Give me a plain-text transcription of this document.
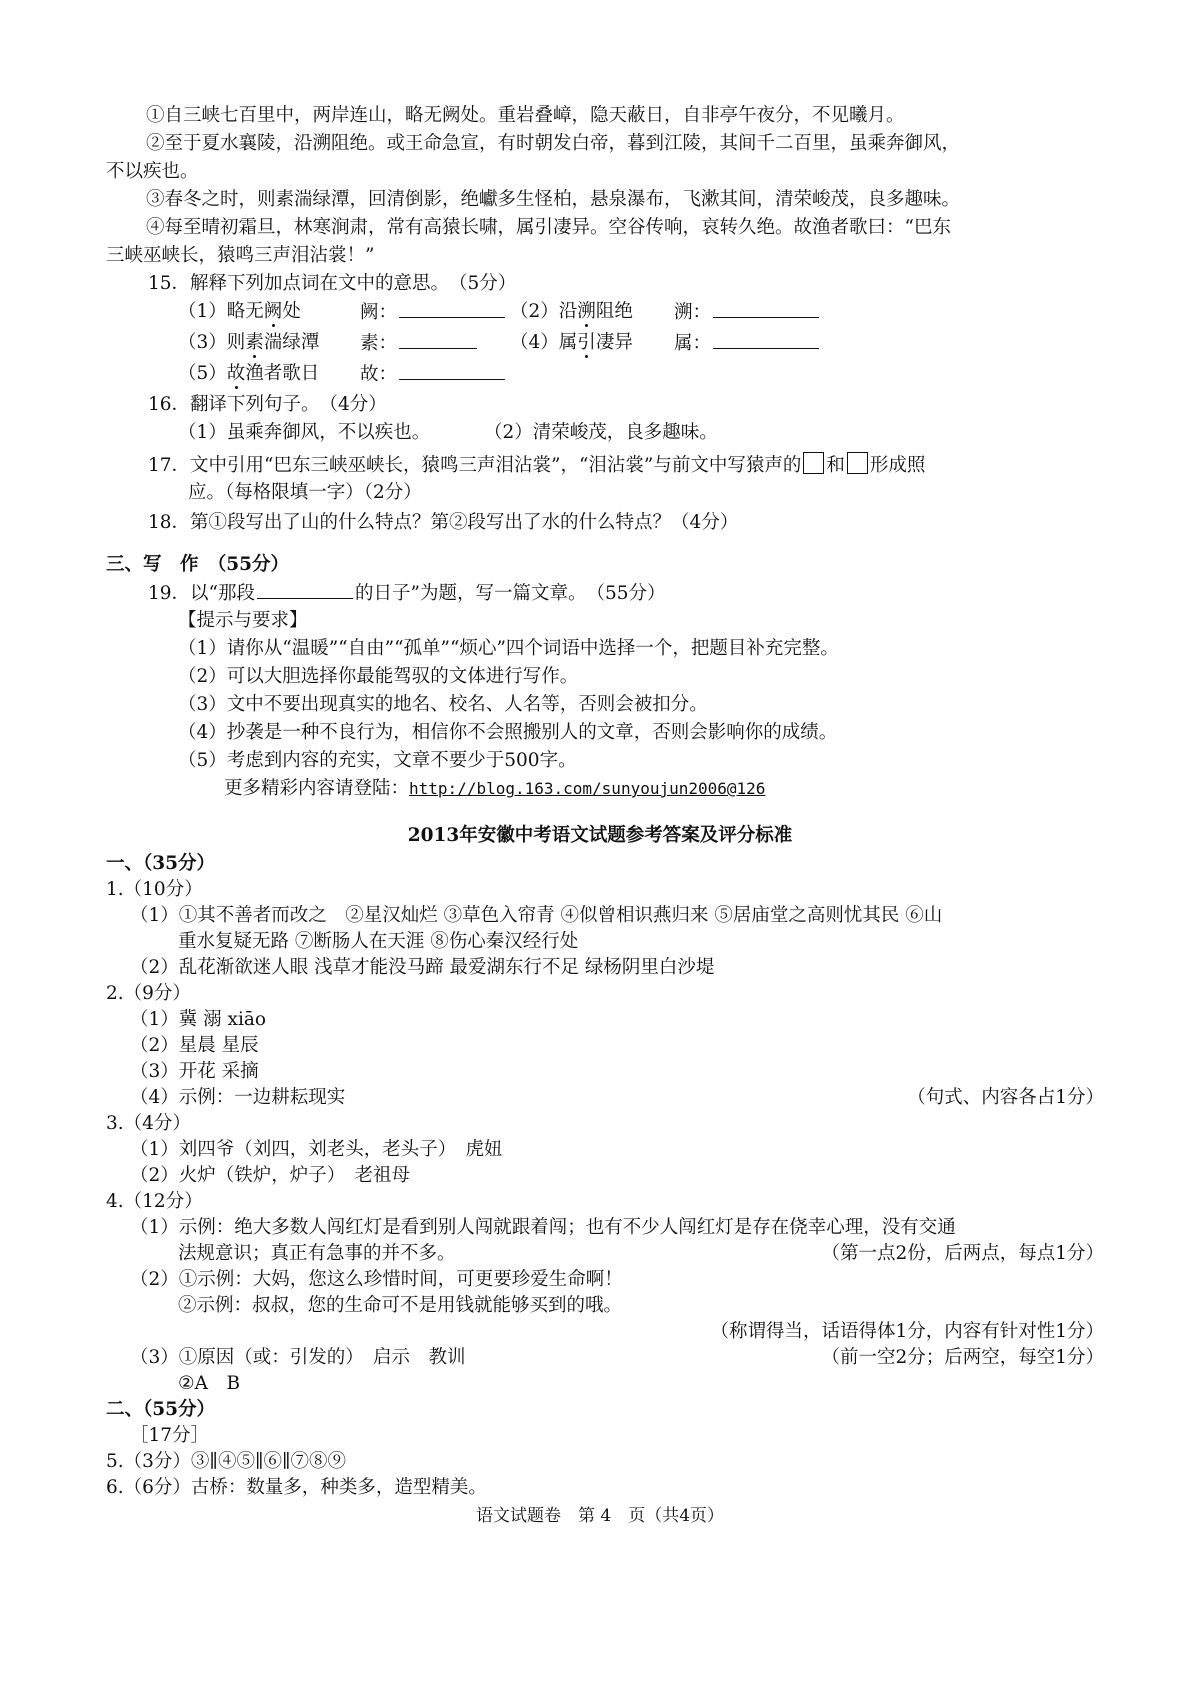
①自三峡七百里中，两岸连山，略无阙处。重岩叠嶂，隐天蔽日，自非亭午夜分，不见曦月。
②至于夏水襄陵，沿溯阻绝。或王命急宣，有时朝发白帝，暮到江陵，其间千二百里，虽乘奔御风，
不以疾也。
③春冬之时，则素湍绿潭，回清倒影，绝巘多生怪柏，悬泉瀑布，飞漱其间，清荣峻茂，良多趣味。
④每至晴初霜旦，林寒涧肃，常有高猿长啸，属引凄异。空谷传响，哀转久绝。故渔者歌曰：“巴东
三峡巫峡长，猿鸣三声泪沾裳！”
15．解释下列加点词在文中的意思。　（5分）
（1）略无阙处	阙：	（2）沿溯阻绝 溯：
（3）则素湍绿潭 素：	（4）属引凄异 属：
（5）故渔者歌日 故：
16．翻译下列句子。　（4分）
（1）虽乘奔御风，不以疾也。	（2）清荣峻茂，良多趣味。
17．文中引用“巴东三峡巫峡长，猿鸣三声泪沾裳”，“泪沾裳”与前文中写猿声的 和 形成照
应。（每格限填一字）（2分）
18．第①段写出了山的什么特点？第②段写出了水的什么特点？（4分）
三、写　作　（55分）
19．以“那段	的日子”为题，写一篇文章。　（55分）
【提示与要求】
（1）请你从“温暖”“自由”“孤单”“烦心”四个词语中选择一个，把题目补充完整。
（2）可以大胆选择你最能驾驭的文体进行写作。
（3）文中不要出现真实的地名、校名、人名等，否则会被扣分。
（4）抄袭是一种不良行为，相信你不会照搬别人的文章，否则会影响你的成绩。
（5）考虑到内容的充实，文章不要少于500字。
更多精彩内容请登陆：http://blog.163.com/sunyoujun2006@126
2013年安徽中考语文试题参考答案及评分标准
一、（35分）
1.（10分）
（1）①其不善者而改之　②星汉灿烂 ③草色入帘青 ④似曾相识燕归来 ⑤居庙堂之高则忧其民 ⑥山
重水复疑无路 ⑦断肠人在天涯 ⑧伤心秦汉经行处
（2）乱花渐欲迷人眼 浅草才能没马蹄 最爱湖东行不足 绿杨阴里白沙堤
2.（9分）
（1）冀 溺 xiāo
（2）星晨 星辰
（3）开花 采摘
（4）示例：一边耕耘现实	（句式、内容各占1分）
3.（4分）
（1）刘四爷（刘四，刘老头，老头子）　虎妞
（2）火炉（铁炉，炉子）　老祖母
4.（12分）
（1）示例：绝大多数人闯红灯是看到别人闯就跟着闯；也有不少人闯红灯是存在侥幸心理，没有交通
法规意识；真正有急事的并不多。	（第一点2份，后两点，每点1分）
（2）①示例：大妈，您这么珍惜时间，可更要珍爱生命啊！
②示例：叔叔，您的生命可不是用钱就能够买到的哦。
（称谓得当，话语得体1分，内容有针对性1分）
（3）①原因（或：引发的）　启示　教训	（前一空2分；后两空，每空1分）
②A　B
二、（55分）
［17分］
5.（3分）③∥④⑤∥⑥∥⑦⑧⑨
6.（6分）古桥：数量多，种类多，造型精美。
语文试题卷　第 4　页（共4页）
